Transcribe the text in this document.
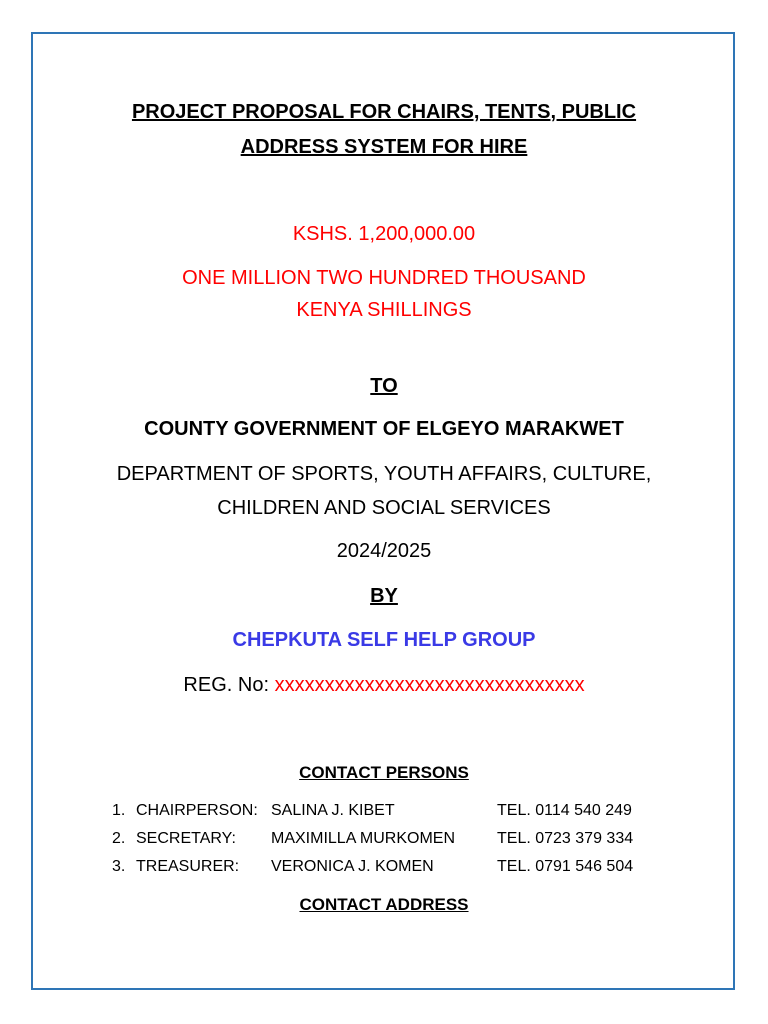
PROJECT PROPOSAL FOR CHAIRS, TENTS, PUBLIC ADDRESS SYSTEM FOR HIRE
KSHS. 1,200,000.00
ONE MILLION TWO HUNDRED THOUSAND KENYA SHILLINGS
TO
COUNTY GOVERNMENT OF ELGEYO MARAKWET
DEPARTMENT OF SPORTS, YOUTH AFFAIRS, CULTURE, CHILDREN AND SOCIAL SERVICES
2024/2025
BY
CHEPKUTA SELF HELP GROUP
REG. No: xxxxxxxxxxxxxxxxxxxxxxxxxxxxxxx
CONTACT PERSONS
1. CHAIRPERSON: SALINA J. KIBET	TEL. 0114 540 249
2. SECRETARY: MAXIMILLA MURKOMEN	TEL. 0723 379 334
3. TREASURER: VERONICA J. KOMEN	TEL. 0791 546 504
CONTACT ADDRESS
